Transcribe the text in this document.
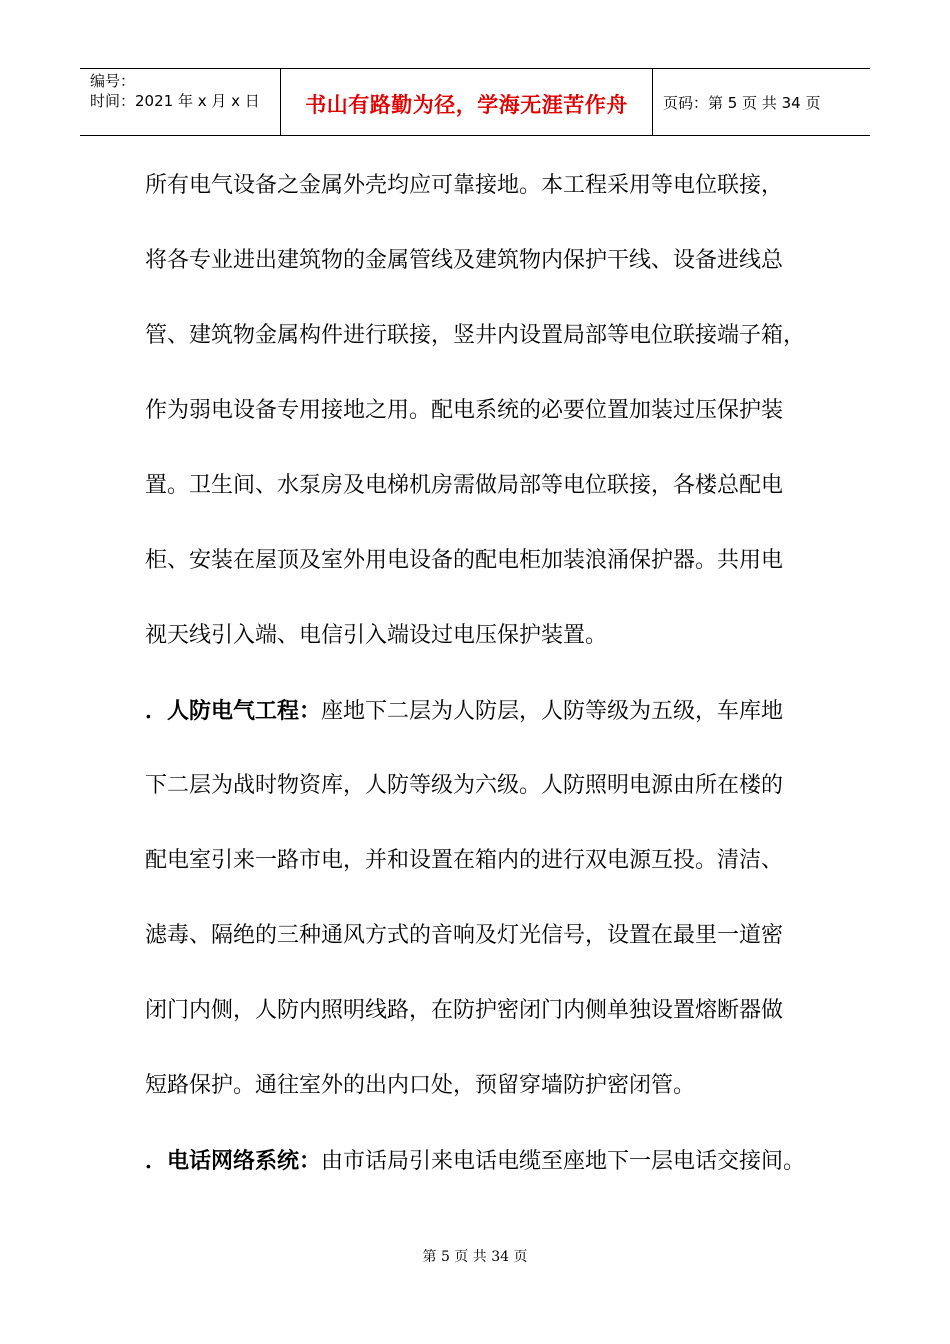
编号：
时间：2021 年 x 月 x 日	书山有路勤为径，学海无涯苦作舟 页码：第 5 页 共 34 页
所有电气设备之金属外壳均应可靠接地。本工程采用等电位联接，
将各专业进出建筑物的金属管线及建筑物内保护干线、设备进线总
管、建筑物金属构件进行联接，竖井内设置局部等电位联接端子箱，
作为弱电设备专用接地之用。配电系统的必要位置加装过压保护装
置。卫生间、水泵房及电梯机房需做局部等电位联接，各楼总配电
柜、安装在屋顶及室外用电设备的配电柜加装浪涌保护器。共用电
视天线引入端、电信引入端设过电压保护装置。
．人防电气工程：座地下二层为人防层，人防等级为五级，车库地
下二层为战时物资库，人防等级为六级。人防照明电源由所在楼的
配电室引来一路市电，并和设置在箱内的进行双电源互投。清洁、
滤毒、隔绝的三种通风方式的音响及灯光信号，设置在最里一道密
闭门内侧，人防内照明线路，在防护密闭门内侧单独设置熔断器做
短路保护。通往室外的出内口处，预留穿墙防护密闭管。
．电话网络系统：由市话局引来电话电缆至座地下一层电话交接间。
第 5 页 共 34 页
